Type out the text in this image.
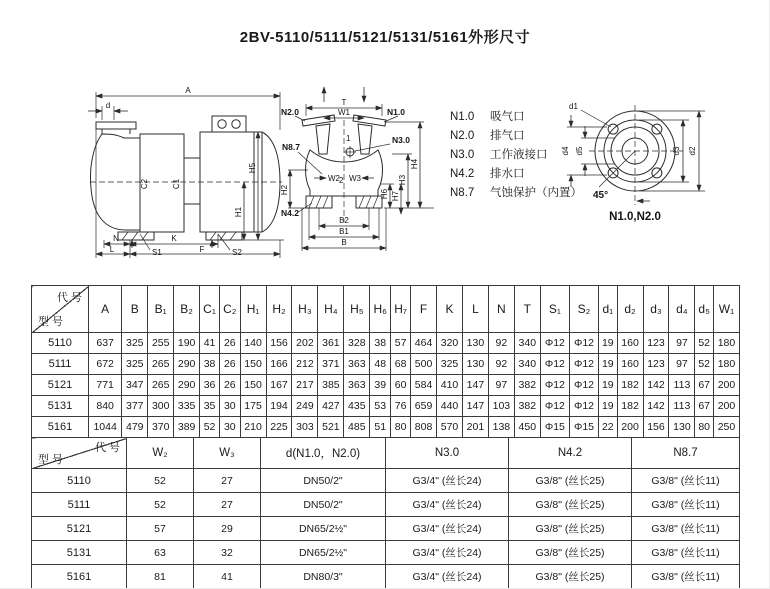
2BV-5110/5111/5121/5131/5161外形尺寸
A
d
H5
H1
C2	C1
S1	S2
N	K
L	F
T
W1
N2.0	N1.0
N8.7
N3.0
1
2
W2 W3
H2
H4
H3
H6 H7
N4.2
B2
B1
B
N1.0 吸气口
N2.0 排气口
N3.0 工作液接口
N4.2 排水口
N8.7 气蚀保护（内置）
d4 d5	d3 d2
d1
45°
N1.0,N2.0
代 号
型 号	A	B	B₁	B₂	C₁	C₂	H₁	H₂	H₃	H₄	H₅	H₆	H₇	F	K	L	N	T	S₁	S₂	d₁	d₂	d₃	d₄	d₅	W₁
5110	637	325	255	190	41	26	140	156	202	361	328	38	57	464	320	130	92	340	Φ12	Φ12	19	160	123	97	52	180
5111	672	325	265	290	38	26	150	166	212	371	363	48	68	500	325	130	92	340	Φ12	Φ12	19	160	123	97	52	180
5121	771	347	265	290	36	26	150	167	217	385	363	39	60	584	410	147	97	382	Φ12	Φ12	19	182	142	113	67	200
5131	840	377	300	335	35	30	175	194	249	427	435	53	76	659	440	147	103	382	Φ12	Φ12	19	182	142	113	67	200
5161	1044	479	370	389	52	30	210	225	303	521	485	51	80	808	570	201	138	450	Φ15	Φ15	22	200	156	130	80	250
代 号
型 号	W₂	W₃	d(N1.0，N2.0)	N3.0	N4.2	N8.7
5110	52	27	DN50/2"	G3/4" (丝长24)	G3/8" (丝长25)	G3/8" (丝长11)
5111	52	27	DN50/2"	G3/4" (丝长24)	G3/8" (丝长25)	G3/8" (丝长11)
5121	57	29	DN65/2½"	G3/4" (丝长24)	G3/8" (丝长25)	G3/8" (丝长11)
5131	63	32	DN65/2½"	G3/4" (丝长24)	G3/8" (丝长25)	G3/8" (丝长11)
5161	81	41	DN80/3"	G3/4" (丝长24)	G3/8" (丝长25)	G3/8" (丝长11)
